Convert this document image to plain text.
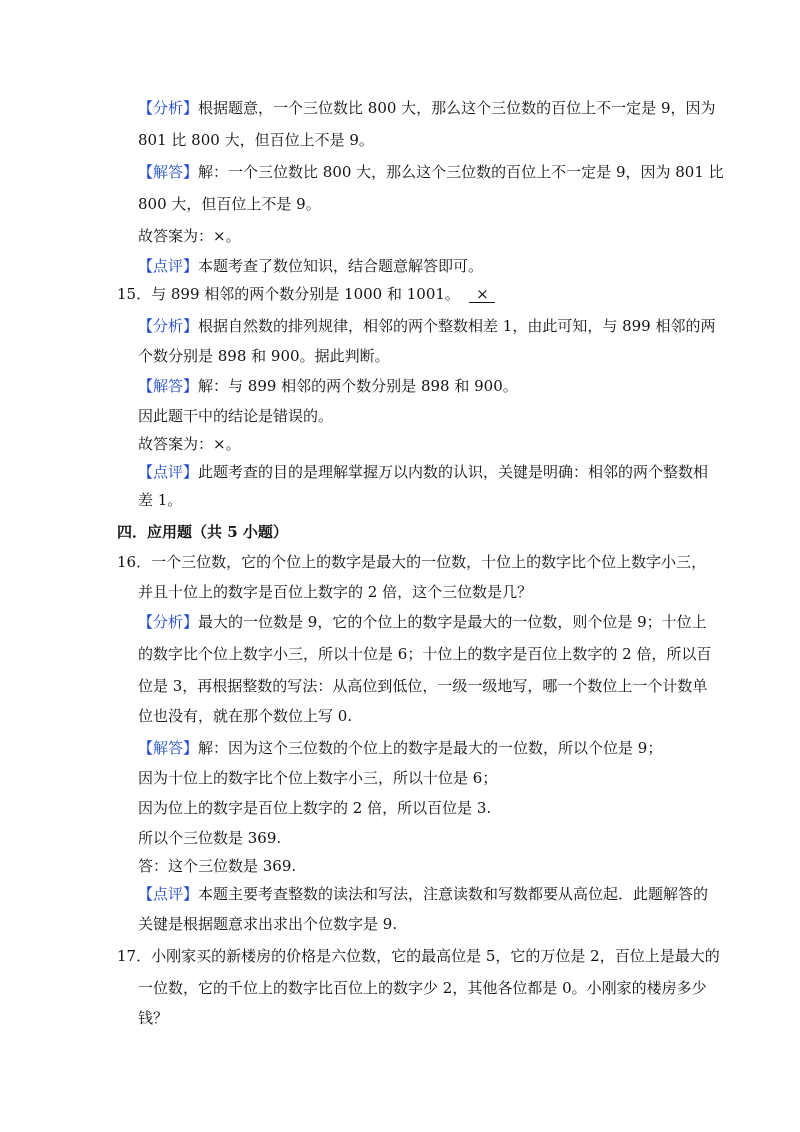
【分析】根据题意，一个三位数比 800 大，那么这个三位数的百位上不一定是 9，因为
801 比 800 大，但百位上不是 9。
【解答】解：一个三位数比 800 大，那么这个三位数的百位上不一定是 9，因为 801 比
800 大，但百位上不是 9。
故答案为：×。
【点评】本题考查了数位知识，结合题意解答即可。
15．与 899 相邻的两个数分别是 1000 和 1001。 ×
【分析】根据自然数的排列规律，相邻的两个整数相差 1，由此可知，与 899 相邻的两
个数分别是 898 和 900。据此判断。
【解答】解：与 899 相邻的两个数分别是 898 和 900。
因此题干中的结论是错误的。
故答案为：×。
【点评】此题考查的目的是理解掌握万以内数的认识，关键是明确：相邻的两个整数相
差 1。
四．应用题（共 5 小题）
16．一个三位数，它的个位上的数字是最大的一位数，十位上的数字比个位上数字小三，
并且十位上的数字是百位上数字的 2 倍，这个三位数是几？
【分析】最大的一位数是 9，它的个位上的数字是最大的一位数，则个位是 9；十位上
的数字比个位上数字小三，所以十位是 6；十位上的数字是百位上数字的 2 倍，所以百
位是 3，再根据整数的写法：从高位到低位，一级一级地写，哪一个数位上一个计数单
位也没有，就在那个数位上写 0.
【解答】解：因为这个三位数的个位上的数字是最大的一位数，所以个位是 9；
因为十位上的数字比个位上数字小三，所以十位是 6；
因为位上的数字是百位上数字的 2 倍，所以百位是 3.
所以个三位数是 369.
答：这个三位数是 369.
【点评】本题主要考查整数的读法和写法，注意读数和写数都要从高位起．此题解答的
关键是根据题意求出求出个位数字是 9.
17．小刚家买的新楼房的价格是六位数，它的最高位是 5，它的万位是 2，百位上是最大的
一位数，它的千位上的数字比百位上的数字少 2，其他各位都是 0。小刚家的楼房多少
钱？
